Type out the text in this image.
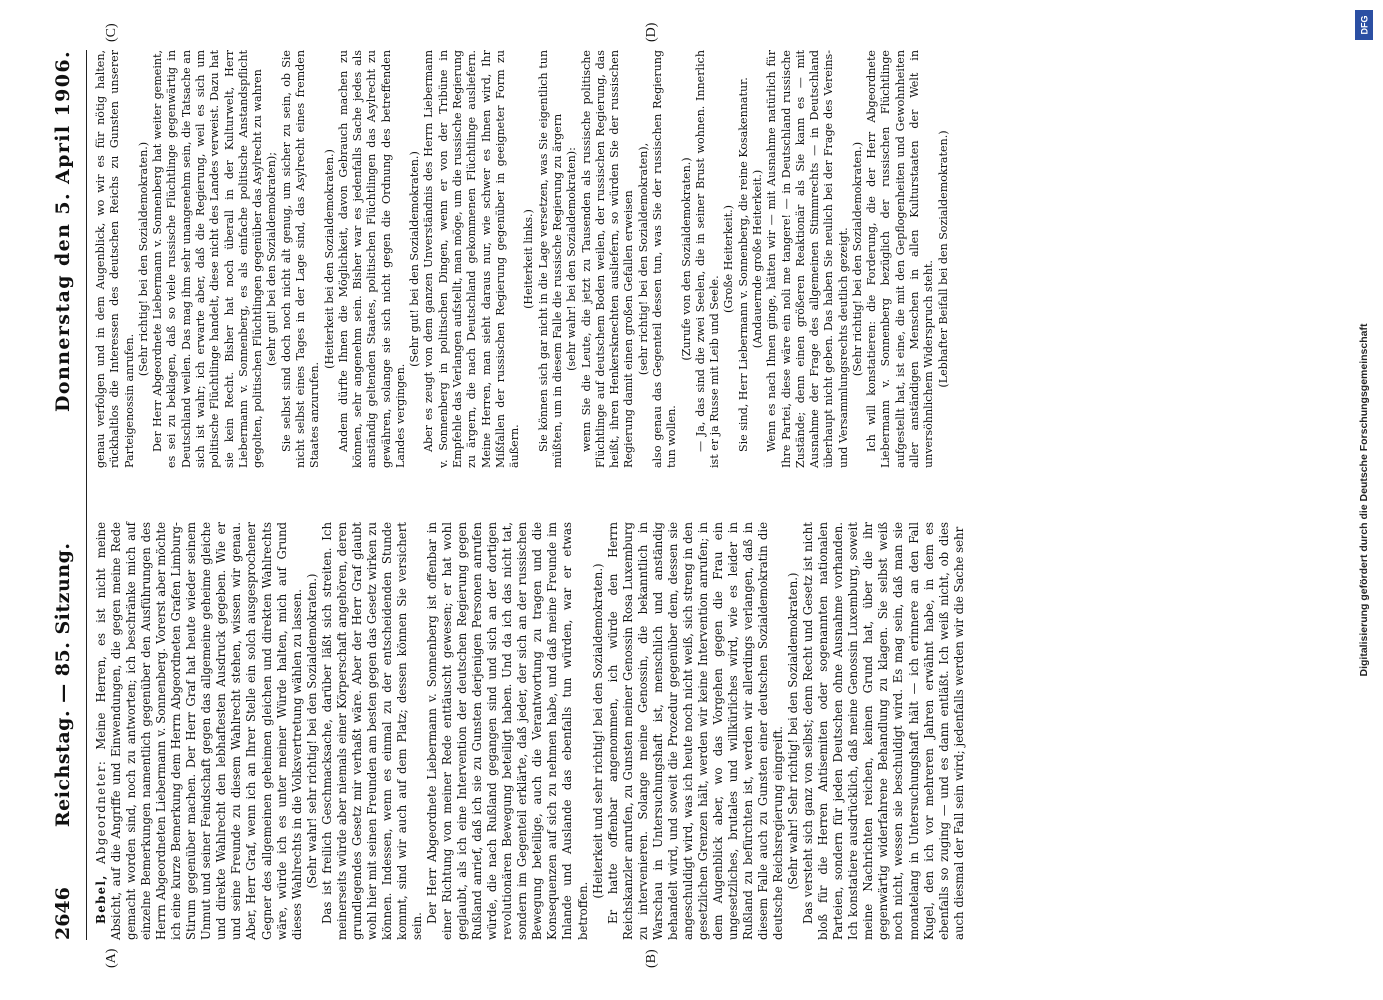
2646
Reichstag. — 85. Sitzung.
Donnerstag den 5. April 1906.
(A)	(B)
(C)	(D)

Bebel, Abgeordneter: Meine Herren, es ist nicht meine Absicht, auf die Angriffe und Einwendungen, die gegen meine Rede gemacht worden sind, noch zu antworten; ich beschränke mich auf einzelne Bemerkungen namentlich gegenüber den Ausführungen des Herrn Abgeordneten Liebermann v. Sonnenberg. Vorerst aber möchte ich eine kurze Bemerkung dem Herrn Abgeordneten Grafen Limburg-Stirum gegenüber machen. Der Herr Graf hat heute wieder seinem Unmut und seiner Feindschaft gegen das allgemeine geheime gleiche und direkte Wahlrecht den lebhaftesten Ausdruck gegeben. Wie er und seine Freunde zu diesem Wahlrecht stehen, wissen wir genau. Aber, Herr Graf, wenn ich an Ihrer Stelle ein solch ausgesprochener Gegner des allgemeinen geheimen gleichen und direkten Wahlrechts wäre, würde ich es unter meiner Würde halten, mich auf Grund dieses Wahlrechts in die Volksvertretung wählen zu lassen. (Sehr wahr! sehr richtig! bei den Sozialdemokraten.) Das ist freilich Geschmacksache, darüber läßt sich streiten. Ich meinerseits würde aber niemals einer Körperschaft angehören, deren grundlegendes Gesetz mir verhaßt wäre. Aber der Herr Graf glaubt wohl hier mit seinen Freunden am besten gegen das Gesetz wirken zu können. Indessen, wenn es einmal zu der entscheidenden Stunde kommt, sind wir auch auf dem Platz; dessen können Sie versichert sein.

Der Herr Abgeordnete Liebermann v. Sonnenberg ist offenbar in einer Richtung von meiner Rede enttäuscht gewesen; er hat wohl geglaubt, als ich eine Intervention der deutschen Regierung gegen Rußland anrief, daß ich sie zu Gunsten derjenigen Personen anrufen würde, die nach Rußland gegangen sind und sich an der dortigen revolutionären Bewegung beteiligt haben. Und da ich das nicht tat, sondern im Gegenteil erklärte, daß jeder, der sich an der russischen Bewegung beteilige, auch die Verantwortung zu tragen und die Konsequenzen auf sich zu nehmen habe, und daß meine Freunde im Inlande und Auslande das ebenfalls tun würden, war er etwas betroffen.

(Heiterkeit und sehr richtig! bei den Sozialdemokraten.) Er hatte offenbar angenommen, ich würde den Herrn Reichskanzler anrufen, zu Gunsten meiner Genossin Rosa Luxemburg zu intervenieren. Solange meine Genossin, die bekanntlich in Warschau in Untersuchungshaft ist, menschlich und anständig behandelt wird, und soweit die Prozedur gegenüber dem, dessen sie angeschuldigt wird, was ich heute noch nicht weiß, sich streng in den gesetzlichen Grenzen hält, werden wir keine Intervention anrufen; in dem Augenblick aber, wo das Vorgehen gegen die Frau ein ungesetzliches, brutales und willkürliches wird, wie es leider in Rußland zu befürchten ist, werden wir allerdings verlangen, daß in diesem Falle auch zu Gunsten einer deutschen Sozialdemokratin die deutsche Reichsregierung eingreift. (Sehr wahr! Sehr richtig! bei den Sozialdemokraten.) Das versteht sich ganz von selbst; denn Recht und Gesetz ist nicht bloß für die Herren Antisemiten oder sogenannten nationalen Parteien, sondern für jeden Deutschen ohne Ausnahme vorhanden. Ich konstatiere ausdrücklich, daß meine Genossin Luxemburg, soweit meine Nachrichten reichen, keinen Grund hat, über die ihr gegenwärtig widerfahrene Behandlung zu klagen. Sie selbst weiß noch nicht, wessen sie beschuldigt wird. Es mag sein, daß man sie monatelang in Untersuchungshaft hält — ich erinnere an den Fall Kugel, den ich vor mehreren Jahren erwähnt habe, in dem es ebenfalls so zuging — und es dann entläßt. Ich weiß nicht, ob dies auch diesmal der Fall sein wird; jedenfalls werden wir die Sache sehr

genau verfolgen und in dem Augenblick, wo wir es für nötig halten, rückhaltlos die Interessen des deutschen Reichs zu Gunsten unserer Parteigenossin anrufen.

(Sehr richtig! bei den Sozialdemokraten.) Der Herr Abgeordnete Liebermann v. Sonnenberg hat weiter gemeint, es sei zu beklagen, daß so viele russische Flüchtlinge gegenwärtig in Deutschland weilen. Das mag ihm sehr unangenehm sein, die Tatsache an sich ist wahr; ich erwarte aber, daß die Regierung, weil es sich um politische Flüchtlinge handelt, diese nicht des Landes verweist. Dazu hat sie kein Recht. Bisher hat noch überall in der Kulturwelt, Herr Liebermann v. Sonnenberg, es als einfache politische Anstandspflicht gegolten, politischen Flüchtlingen gegenüber das Asylrecht zu wahren (sehr gut! bei den Sozialdemokraten); Sie selbst sind doch noch nicht alt genug, um sicher zu sein, ob Sie nicht selbst eines Tages in der Lage sind, das Asylrecht eines fremden Staates anzurufen.

(Heiterkeit bei den Sozialdemokraten.) Andem dürfte Ihnen die Möglichkeit, davon Gebrauch machen zu können, sehr angenehm sein. Bisher war es jedenfalls Sache jedes als anständig geltenden Staates, politischen Flüchtlingen das Asylrecht zu gewähren, solange sie sich nicht gegen die Ordnung des betreffenden Landes vergingen.

(Sehr gut! bei den Sozialdemokraten.) Aber es zeugt von dem ganzen Unverständnis des Herrn Liebermann v. Sonnenberg in politischen Dingen, wenn er von der Tribüne in Empfehle das Verlangen aufstellt, man möge, um die russische Regierung zu ärgern, die nach Deutschland gekommenen Flüchtlinge ausliefern. Meine Herren, man sieht daraus nur, wie schwer es Ihnen wird, Ihr Mißfallen der russischen Regierung gegenüber in geeigneter Form zu äußern.

(Heiterkeit links.) Sie können sich gar nicht in die Lage versetzen, was Sie eigentlich tun müßten, um in diesem Falle die russische Regierung zu ärgern (sehr wahr! bei den Sozialdemokraten): wenn Sie die Leute, die jetzt zu Tausenden als russische politische Flüchtlinge auf deutschem Boden weilen, der russischen Regierung, das heißt, ihren Henkersknechten ausliefern, so würden Sie der russischen Regierung damit einen großen Gefallen erweisen (sehr richtig! bei den Sozialdemokraten), also genau das Gegenteil dessen tun, was Sie der russischen Regierung tun wollen.

(Zurufe von den Sozialdemokraten.) — Ja, das sind die zwei Seelen, die in seiner Brust wohnen. Innerlich ist er ja Russe mit Leib und Seele.

(Große Heiterkeit.) Sie sind, Herr Liebermann v. Sonnenberg, die reine Kosakennatur. (Andauernde große Heiterkeit.) Wenn es nach Ihnen ginge, hätten wir — mit Ausnahme natürlich für Ihre Partei, diese wäre ein noli me tangere! — in Deutschland russische Zustände; denn einen größeren Reaktionär als Sie kann es — mit Ausnahme der Frage des allgemeinen Stimmrechts — in Deutschland überhaupt nicht geben. Das haben Sie neulich bei der Frage des Vereins- und Versammlungsrechts deutlich gezeigt. (Sehr richtig! bei den Sozialdemokraten.) Ich will konstatieren: die Forderung, die der Herr Abgeordnete Liebermann v. Sonnenberg bezüglich der russischen Flüchtlinge aufgestellt hat, ist eine, die mit den Gepflogenheiten und Gewohnheiten aller anständigen Menschen in allen Kulturstaaten der Welt in unversöhnlichem Widerspruch steht. (Lebhafter Beifall bei den Sozialdemokraten.)

DFG
Digitalisierung gefördert durch die Deutsche Forschungsgemeinschaft
